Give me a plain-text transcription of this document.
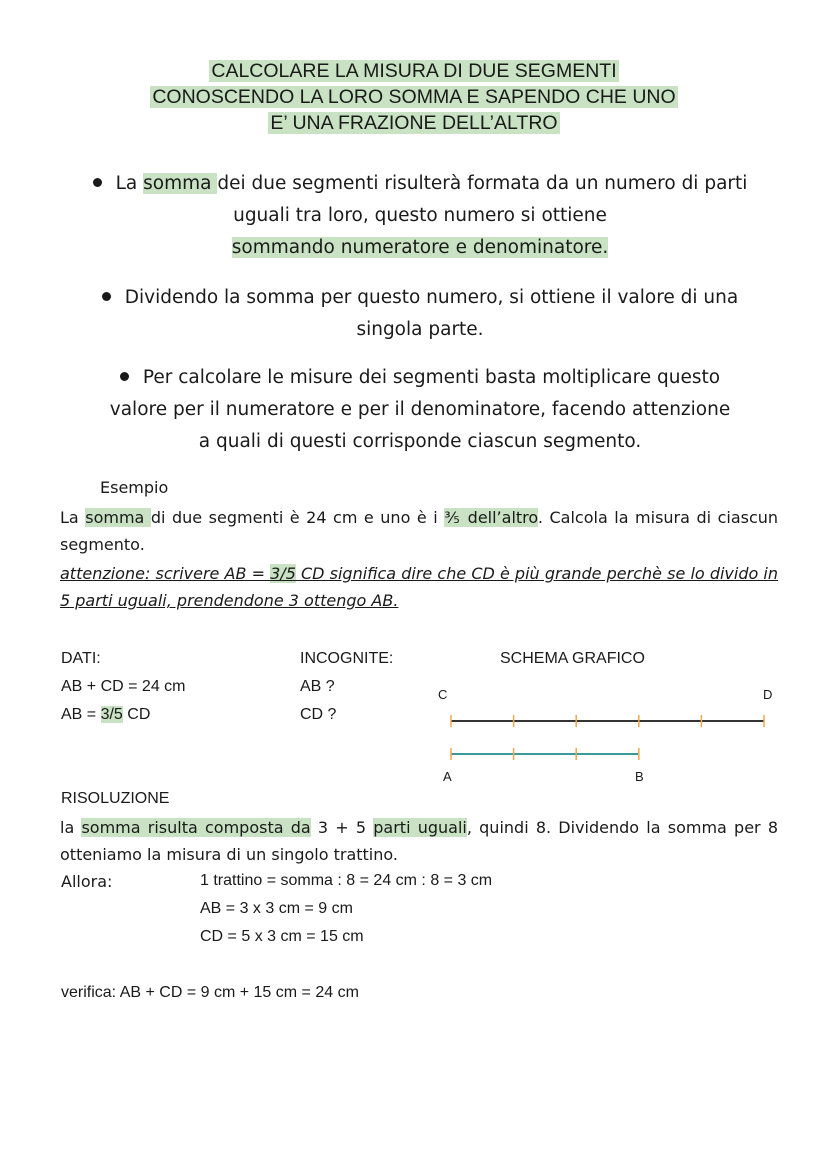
CALCOLARE LA MISURA DI DUE SEGMENTI
CONOSCENDO LA LORO SOMMA E SAPENDO CHE UNO
E’ UNA FRAZIONE DELL’ALTRO
La somma dei due segmenti risulterà formata da un numero di parti
uguali tra loro, questo numero si ottiene
sommando numeratore e denominatore.
Dividendo la somma per questo numero, si ottiene il valore di una
singola parte.
Per calcolare le misure dei segmenti basta moltiplicare questo
valore per il numeratore e per il denominatore, facendo attenzione
a quali di questi corrisponde ciascun segmento.
Esempio
La somma di due segmenti è 24 cm e uno è i ⅗ dell’altro. Calcola la misura di ciascun segmento.
attenzione: scrivere AB = 3/5 CD significa dire che CD è più grande perchè se lo divido in 5 parti uguali, prendendone 3 ottengo AB.
DATI:
AB + CD = 24 cm
AB = 3/5 CD
INCOGNITE:
AB ?
CD ?
SCHEMA GRAFICO
C	D
A	B
RISOLUZIONE
la somma risulta composta da 3 + 5 parti uguali, quindi 8. Dividendo la somma per 8 otteniamo la misura di un singolo trattino.
Allora:	1 trattino = somma : 8 = 24 cm : 8 = 3 cm
AB = 3 x 3 cm = 9 cm
CD = 5 x 3 cm = 15 cm
verifica: AB + CD = 9 cm + 15 cm = 24 cm
